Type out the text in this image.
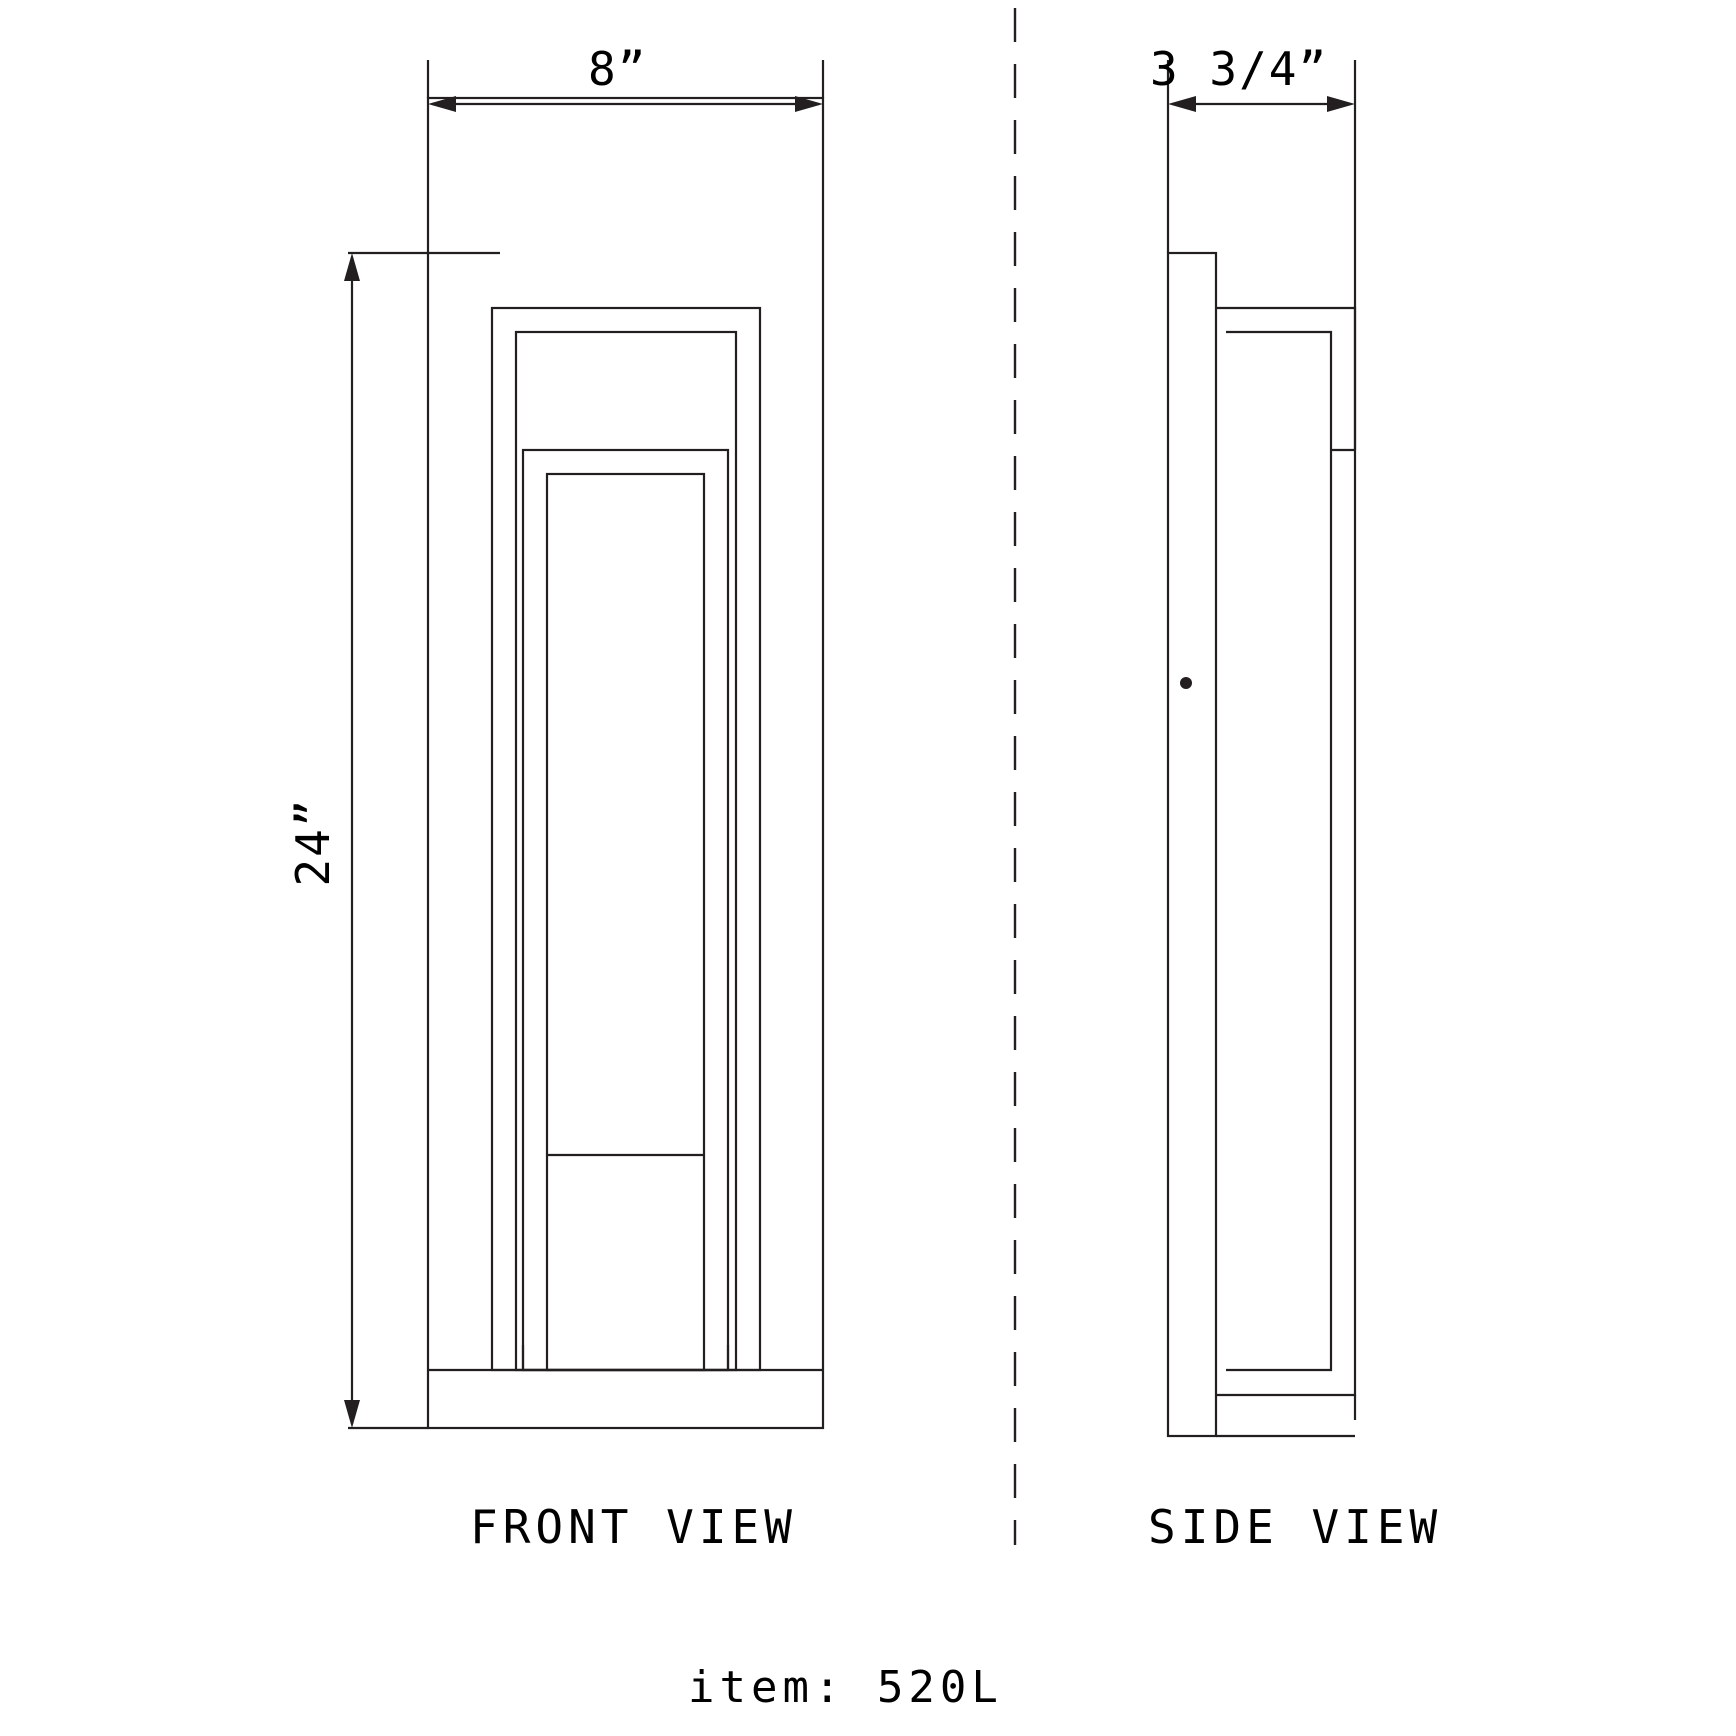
8”
24”
3 3/4”
FRONT VIEW	SIDE VIEW
item: 520L
